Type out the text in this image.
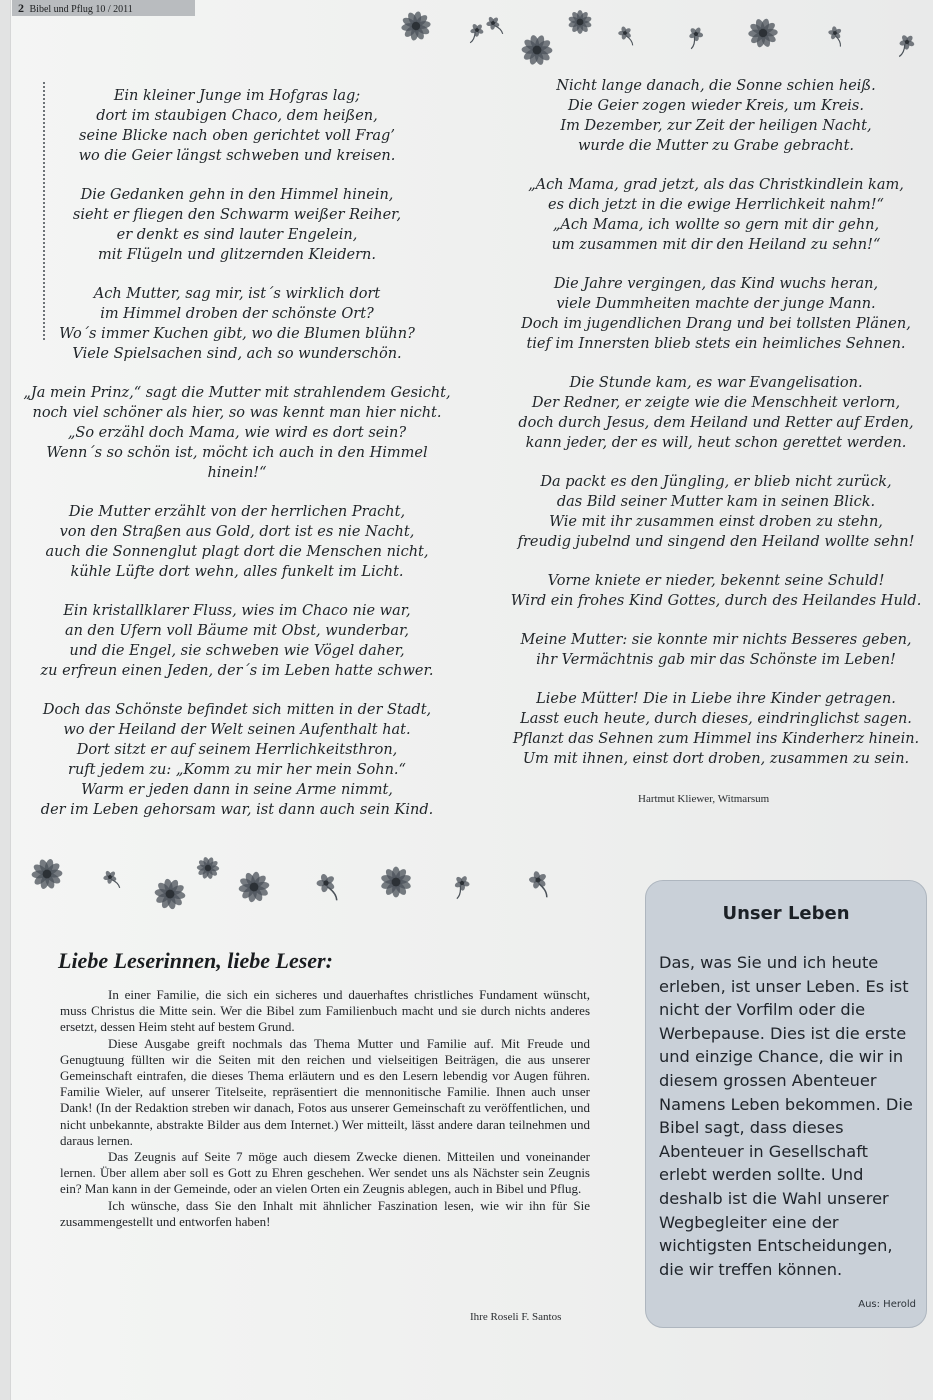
2 Bibel und Pflug 10 / 2011
Ein kleiner Junge im Hofgras lag;
dort im staubigen Chaco, dem heißen,
seine Blicke nach oben gerichtet voll Frag’
wo die Geier längst schweben und kreisen.
Die Gedanken gehn in den Himmel hinein,
sieht er fliegen den Schwarm weißer Reiher,
er denkt es sind lauter Engelein,
mit Flügeln und glitzernden Kleidern.
Ach Mutter, sag mir, ist´s wirklich dort
im Himmel droben der schönste Ort?
Wo´s immer Kuchen gibt, wo die Blumen blühn?
Viele Spielsachen sind, ach so wunderschön.
„Ja mein Prinz,“ sagt die Mutter mit strahlendem Gesicht,
noch viel schöner als hier, so was kennt man hier nicht.
„So erzähl doch Mama, wie wird es dort sein?
Wenn´s so schön ist, möcht ich auch in den Himmel
hinein!“
Die Mutter erzählt von der herrlichen Pracht,
von den Straßen aus Gold, dort ist es nie Nacht,
auch die Sonnenglut plagt dort die Menschen nicht,
kühle Lüfte dort wehn, alles funkelt im Licht.
Ein kristallklarer Fluss, wies im Chaco nie war,
an den Ufern voll Bäume mit Obst, wunderbar,
und die Engel, sie schweben wie Vögel daher,
zu erfreun einen Jeden, der´s im Leben hatte schwer.
Doch das Schönste befindet sich mitten in der Stadt,
wo der Heiland der Welt seinen Aufenthalt hat.
Dort sitzt er auf seinem Herrlichkeitsthron,
ruft jedem zu: „Komm zu mir her mein Sohn.“
Warm er jeden dann in seine Arme nimmt,
der im Leben gehorsam war, ist dann auch sein Kind.
Nicht lange danach, die Sonne schien heiß.
Die Geier zogen wieder Kreis, um Kreis.
Im Dezember, zur Zeit der heiligen Nacht,
wurde die Mutter zu Grabe gebracht.
„Ach Mama, grad jetzt, als das Christkindlein kam,
es dich jetzt in die ewige Herrlichkeit nahm!“
„Ach Mama, ich wollte so gern mit dir gehn,
um zusammen mit dir den Heiland zu sehn!“
Die Jahre vergingen, das Kind wuchs heran,
viele Dummheiten machte der junge Mann.
Doch im jugendlichen Drang und bei tollsten Plänen,
tief im Innersten blieb stets ein heimliches Sehnen.
Die Stunde kam, es war Evangelisation.
Der Redner, er zeigte wie die Menschheit verlorn,
doch durch Jesus, dem Heiland und Retter auf Erden,
kann jeder, der es will, heut schon gerettet werden.
Da packt es den Jüngling, er blieb nicht zurück,
das Bild seiner Mutter kam in seinen Blick.
Wie mit ihr zusammen einst droben zu stehn,
freudig jubelnd und singend den Heiland wollte sehn!
Vorne kniete er nieder, bekennt seine Schuld!
Wird ein frohes Kind Gottes, durch des Heilandes Huld.
Meine Mutter: sie konnte mir nichts Besseres geben,
ihr Vermächtnis gab mir das Schönste im Leben!
Liebe Mütter! Die in Liebe ihre Kinder getragen.
Lasst euch heute, durch dieses, eindringlichst sagen.
Pflanzt das Sehnen zum Himmel ins Kinderherz hinein.
Um mit ihnen, einst dort droben, zusammen zu sein.
Hartmut Kliewer, Witmarsum
Liebe Leserinnen, liebe Leser:

In einer Familie, die sich ein sicheres und dauerhaftes christliches Fundament wünscht, muss Christus die Mitte sein. Wer die Bibel zum Familienbuch macht und sie durch nichts anderes ersetzt, dessen Heim steht auf bestem Grund.

Diese Ausgabe greift nochmals das Thema Mutter und Familie auf. Mit Freude und Genugtuung füllten wir die Seiten mit den reichen und vielseitigen Beiträgen, die aus unserer Gemeinschaft eintrafen, die dieses Thema erläutern und es den Lesern lebendig vor Augen führen. Familie Wieler, auf unserer Titelseite, repräsentiert die mennonitische Familie. Ihnen auch unser Dank! (In der Redaktion streben wir danach, Fotos aus unserer Gemeinschaft zu veröffentlichen, und nicht unbekannte, abstrakte Bilder aus dem Internet.) Wer mitteilt, lässt andere daran teilnehmen und daraus lernen.

Das Zeugnis auf Seite 7 möge auch diesem Zwecke dienen. Mitteilen und voneinander lernen. Über allem aber soll es Gott zu Ehren geschehen. Wer sendet uns als Nächster sein Zeugnis ein? Man kann in der Gemeinde, oder an vielen Orten ein Zeugnis ablegen, auch in Bibel und Pflug.

Ich wünsche, dass Sie den Inhalt mit ähnlicher Faszination lesen, wie wir ihn für Sie zusammengestellt und entworfen haben!

Ihre Roseli F. Santos
Unser Leben
Das, was Sie und ich heute erleben, ist unser Leben. Es ist nicht der Vorfilm oder die Werbepause. Dies ist die erste und einzige Chance, die wir in diesem grossen Abenteuer Namens Leben bekommen. Die Bibel sagt, dass dieses Abenteuer in Gesellschaft erlebt werden sollte. Und deshalb ist die Wahl unserer Wegbegleiter eine der wichtigsten Entscheidungen, die wir treffen können.
Aus: Herold
